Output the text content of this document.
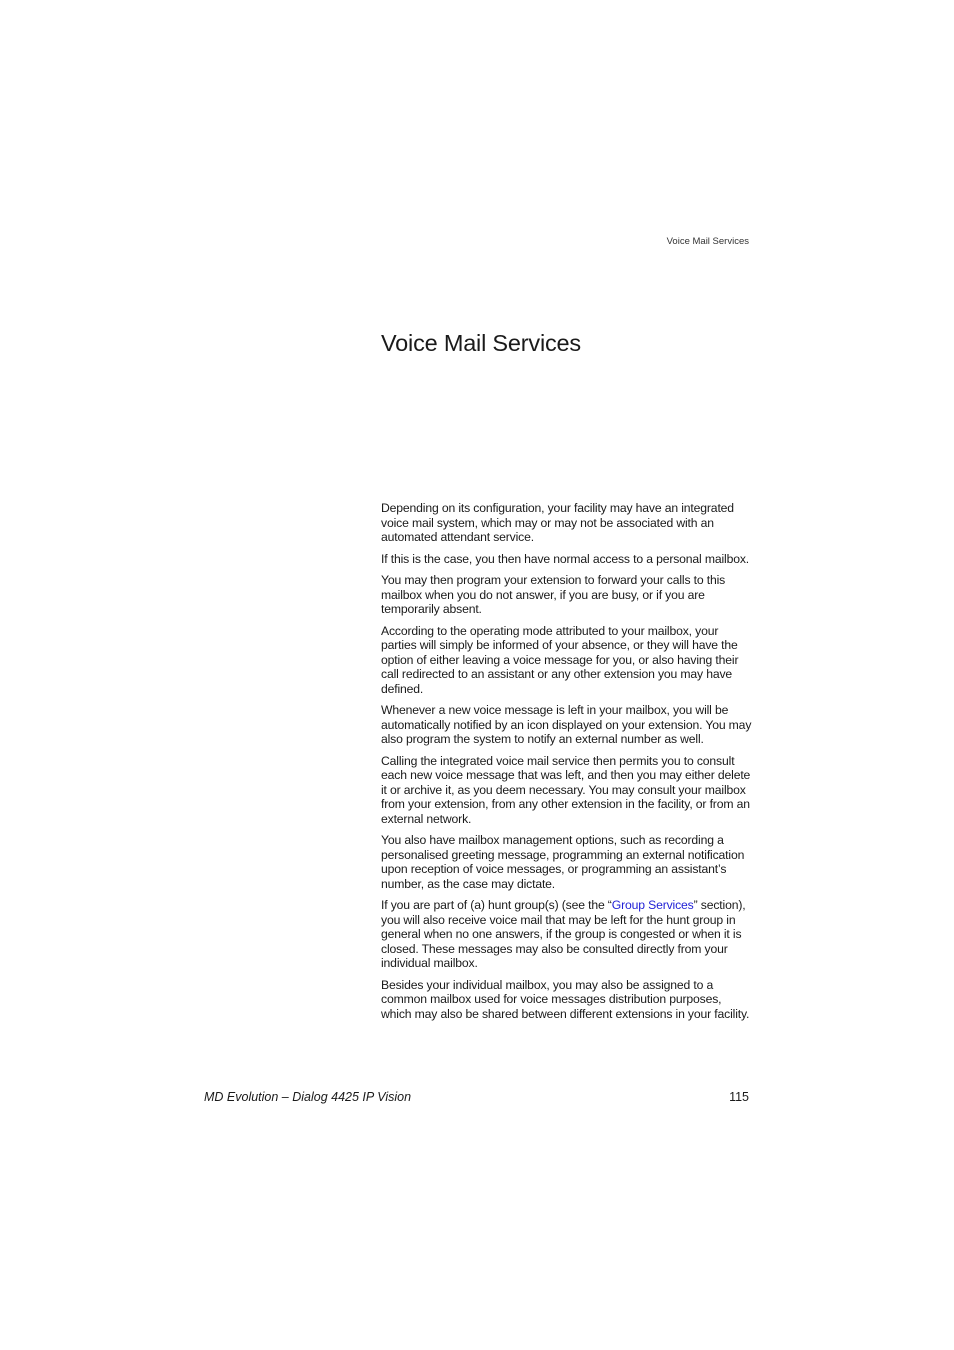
Voice Mail Services
Voice Mail Services

Depending on its configuration, your facility may have an integrated voice mail system, which may or may not be associated with an automated attendant service.

If this is the case, you then have normal access to a personal mailbox.

You may then program your extension to forward your calls to this mailbox when you do not answer, if you are busy, or if you are temporarily absent.

According to the operating mode attributed to your mailbox, your parties will simply be informed of your absence, or they will have the option of either leaving a voice message for you, or also having their call redirected to an assistant or any other extension you may have defined.

Whenever a new voice message is left in your mailbox, you will be automatically notified by an icon displayed on your extension. You may also program the system to notify an external number as well.

Calling the integrated voice mail service then permits you to consult each new voice message that was left, and then you may either delete it or archive it, as you deem necessary. You may consult your mailbox from your extension, from any other extension in the facility, or from an external network.

You also have mailbox management options, such as recording a personalised greeting message, programming an external notification upon reception of voice messages, or programming an assistant’s number, as the case may dictate.

If you are part of (a) hunt group(s) (see the “Group Services” section), you will also receive voice mail that may be left for the hunt group in general when no one answers, if the group is congested or when it is closed. These messages may also be consulted directly from your individual mailbox.

Besides your individual mailbox, you may also be assigned to a common mailbox used for voice messages distribution purposes, which may also be shared between different extensions in your facility.

MD Evolution – Dialog 4425 IP Vision	115
